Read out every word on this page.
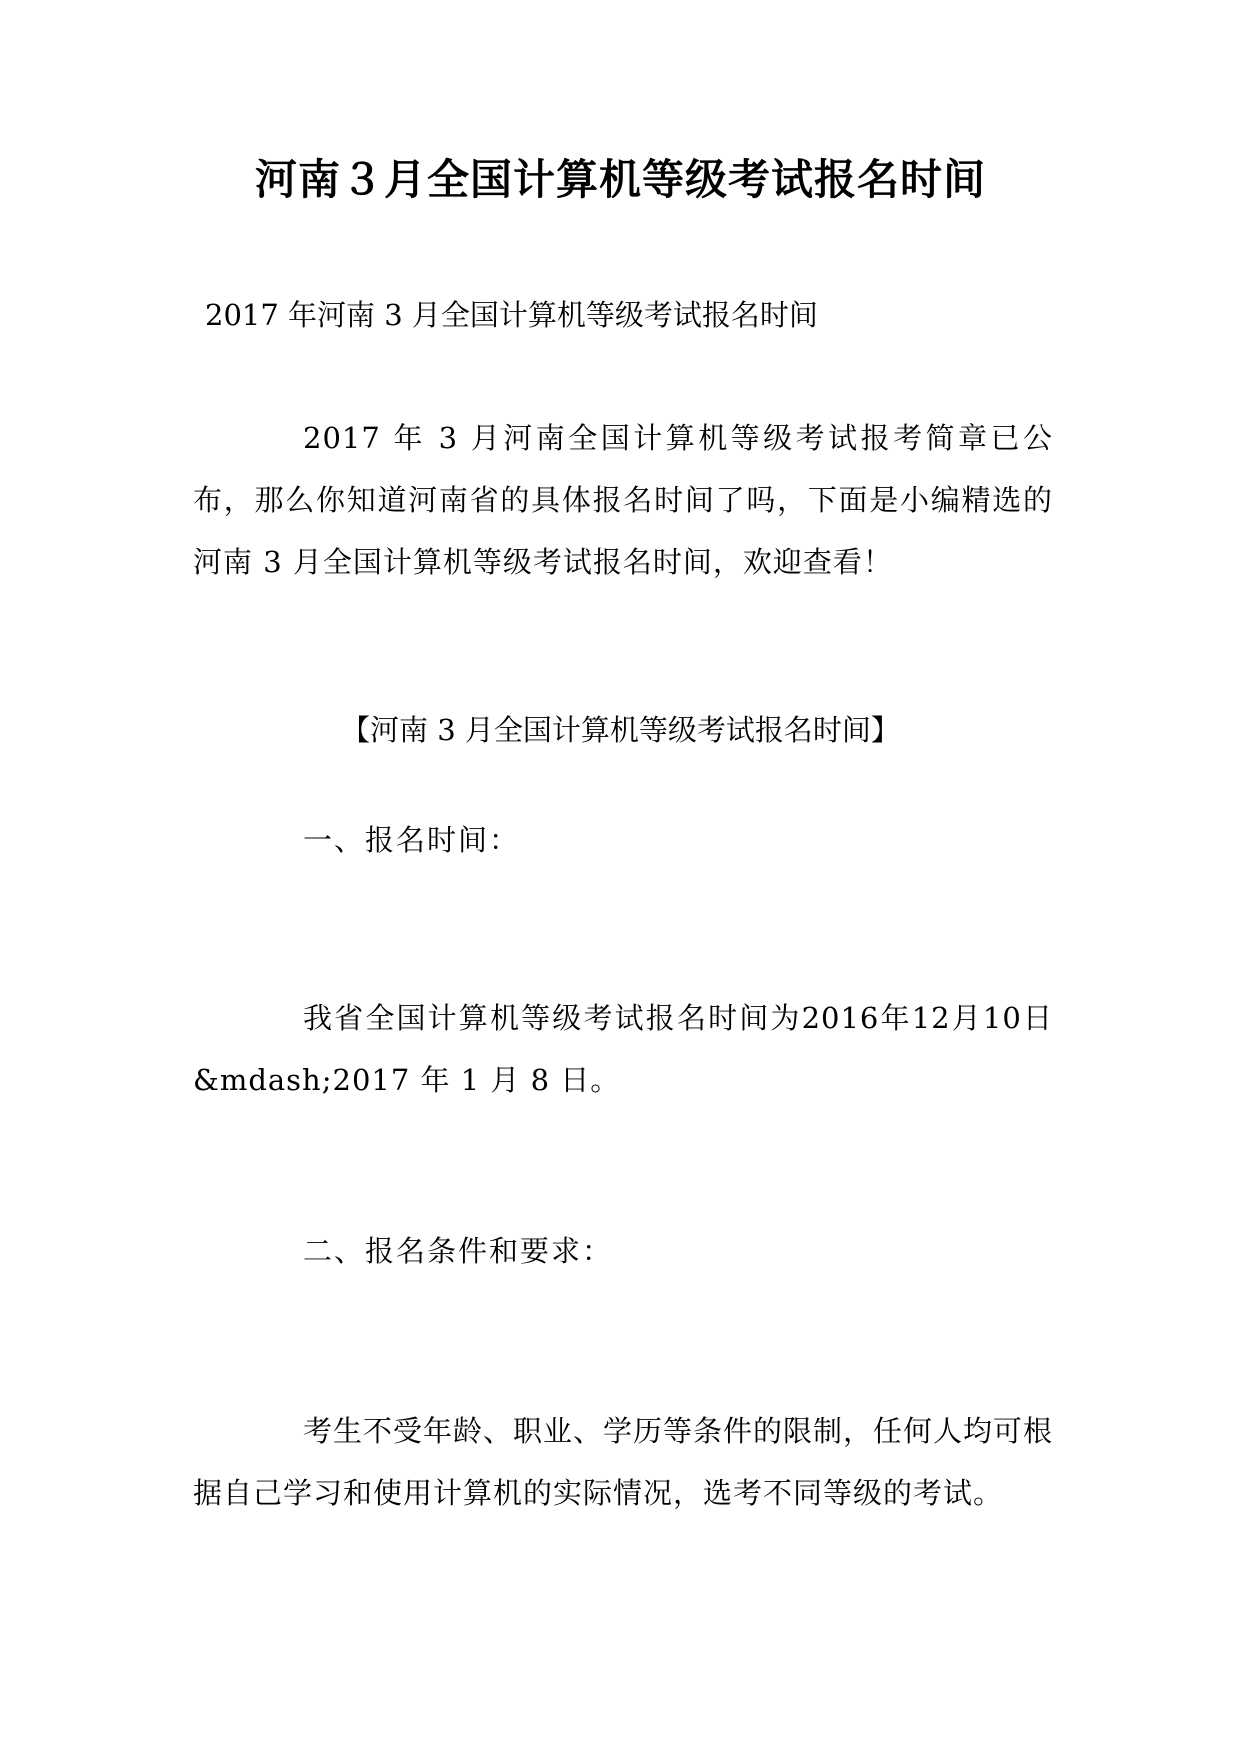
河南３月全国计算机等级考试报名时间
2017 年河南 3 月全国计算机等级考试报名时间
2017 年 3 月河南全国计算机等级考试报考简章已公布，那么你知道河南省的具体报名时间了吗，下面是小编精选的河南 3 月全国计算机等级考试报名时间，欢迎查看！
【河南 3 月全国计算机等级考试报名时间】
一、报名时间：
我省全国计算机等级考试报名时间为2016年12月10日&mdash;2017 年 1 月 8 日。
二、报名条件和要求：
考生不受年龄、职业、学历等条件的限制，任何人均可根据自己学习和使用计算机的实际情况，选考不同等级的考试。
